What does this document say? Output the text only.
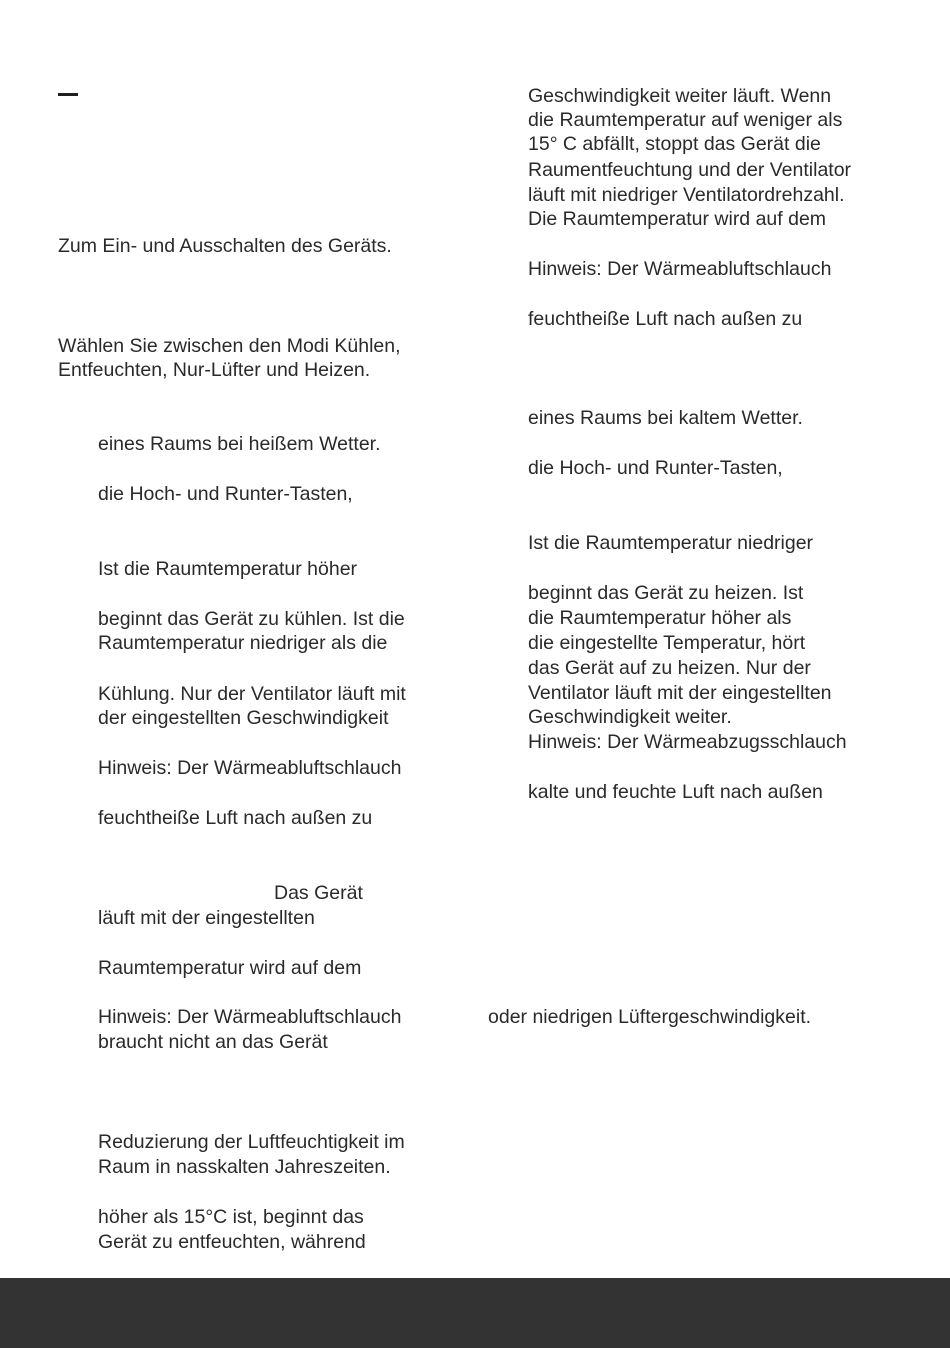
Zum Ein- und Ausschalten des Geräts.

Wählen Sie zwischen den Modi Kühlen,

Entfeuchten, Nur-Lüfter und Heizen.

eines Raums bei heißem Wetter.

die Hoch- und Runter-Tasten,

Ist die Raumtemperatur höher

beginnt das Gerät zu kühlen. Ist die

Raumtemperatur niedriger als die

Kühlung. Nur der Ventilator läuft mit

der eingestellten Geschwindigkeit

Hinweis: Der Wärmeabluftschlauch

feuchtheiße Luft nach außen zu

Das Gerät

läuft mit der eingestellten

Raumtemperatur wird auf dem

Hinweis: Der Wärmeabluftschlauch

braucht nicht an das Gerät

Reduzierung der Luftfeuchtigkeit im

Raum in nasskalten Jahreszeiten.

höher als 15°C ist, beginnt das

Gerät zu entfeuchten, während

Geschwindigkeit weiter läuft. Wenn

die Raumtemperatur auf weniger als

15° C abfällt, stoppt das Gerät die

Raumentfeuchtung und der Ventilator

läuft mit niedriger Ventilatordrehzahl.

Die Raumtemperatur wird auf dem

Hinweis: Der Wärmeabluftschlauch

feuchtheiße Luft nach außen zu

eines Raums bei kaltem Wetter.

die Hoch- und Runter-Tasten,

Ist die Raumtemperatur niedriger

beginnt das Gerät zu heizen. Ist

die Raumtemperatur höher als

die eingestellte Temperatur, hört

das Gerät auf zu heizen. Nur der

Ventilator läuft mit der eingestellten

Geschwindigkeit weiter.

Hinweis: Der Wärmeabzugsschlauch

kalte und feuchte Luft nach außen

oder niedrigen Lüftergeschwindigkeit.
